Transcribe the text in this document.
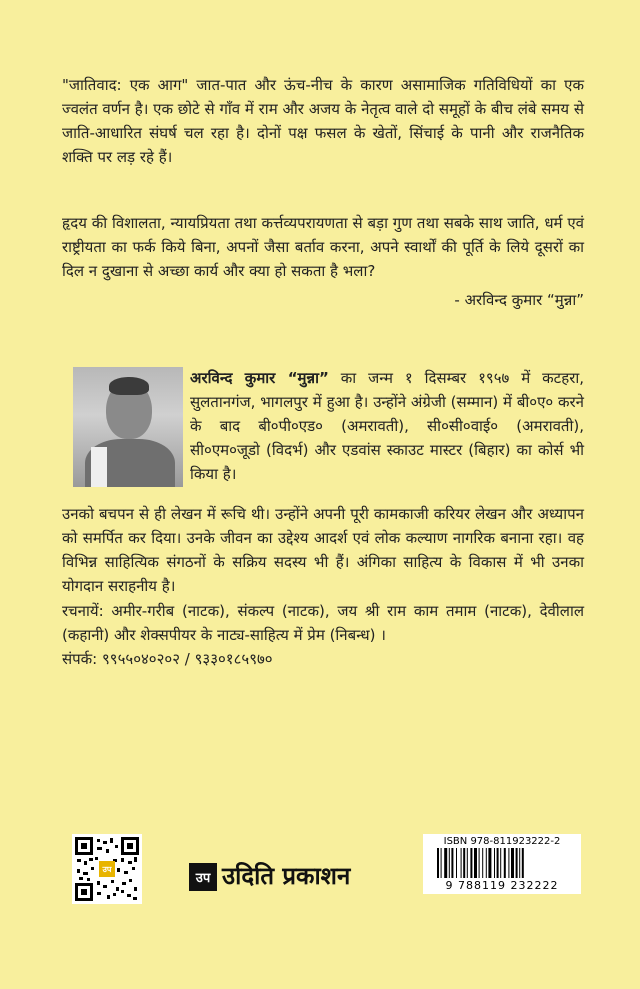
"जातिवाद: एक आग" जात-पात और ऊंच-नीच के कारण असामाजिक गतिविधियों का एक ज्वलंत वर्णन है। एक छोटे से गाँव में राम और अजय के नेतृत्व वाले दो समूहों के बीच लंबे समय से जाति-आधारित संघर्ष चल रहा है। दोनों पक्ष फसल के खेतों, सिंचाई के पानी और राजनैतिक शक्ति पर लड़ रहे हैं।
हृदय की विशालता, न्यायप्रियता तथा कर्त्तव्यपरायणता से बड़ा गुण तथा सबके साथ जाति, धर्म एवं राष्ट्रीयता का फर्क किये बिना, अपनों जैसा बर्ताव करना, अपने स्वार्थों की पूर्ति के लिये दूसरों का दिल न दुखाना से अच्छा कार्य और क्या हो सकता है भला?
- अरविन्द कुमार “मुन्ना”
अरविन्द कुमार “मुन्ना” का जन्म १ दिसम्बर १९५७ में कटहरा, सुलतानगंज, भागलपुर में हुआ है। उन्होंने अंग्रेजी (सम्मान) में बी०ए० करने के बाद बी०पी०एड० (अमरावती), सी०सी०वाई० (अमरावती), सी०एम०जूडो (विदर्भ) और एडवांस स्काउट मास्टर (बिहार) का कोर्स भी किया है।
उनको बचपन से ही लेखन में रूचि थी। उन्होंने अपनी पूरी कामकाजी करियर लेखन और अध्यापन को समर्पित कर दिया। उनके जीवन का उद्देश्य आदर्श एवं लोक कल्याण नागरिक बनाना रहा। वह विभिन्न साहित्यिक संगठनों के सक्रिय सदस्य भी हैं। अंगिका साहित्य के विकास में भी उनका योगदान सराहनीय है।
रचनायें: अमीर-गरीब (नाटक), संकल्प (नाटक), जय श्री राम काम तमाम (नाटक), देवीलाल (कहानी) और शेक्सपीयर के नाट्य-साहित्य में प्रेम (निबन्ध) ।
संपर्क: ९९५५०४०२०२ / ९३३०१८५९७०
उप
उप उदिति प्रकाशन
ISBN 978-811923222-2
9 788119 232222
